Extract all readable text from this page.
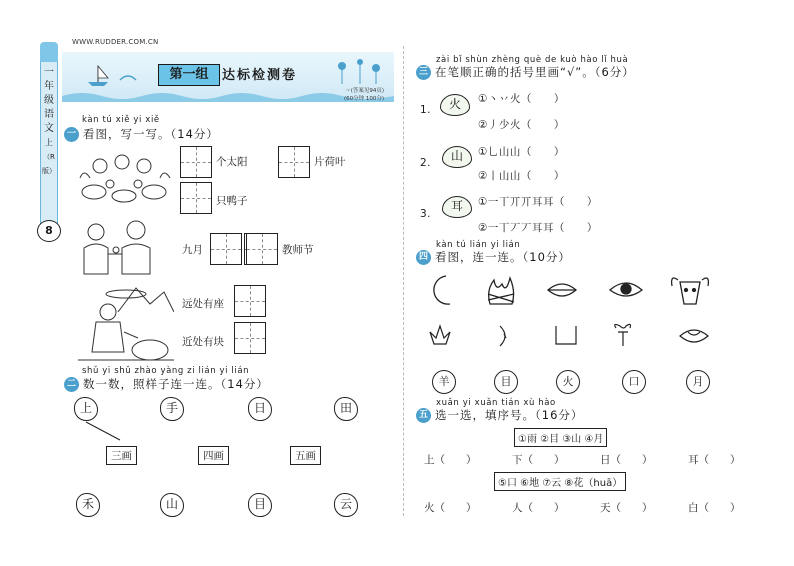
WWW.RUDDER.COM.CN
一
年
级
语
文
上
（R
版）
8
第一组	达标检测卷
☞(答案见94页)
(60分钟 100分)
kàn tú xiě yi xiě
一 看图，写一写。（14分）
个太阳	片荷叶
只鸭子
九月	教师节
远处有座
近处有块
shǔ yi shǔ zhào yàng zi lián yi lián
二 数一数，照样子连一连。（14分）
上	手	日	田
三画	四画	五画
禾	山	目	云
zài bǐ shùn zhèng què de kuò hào lǐ huà
三 在笔顺正确的括号里画“√”。（6分）
1.	火	①丶丷火（　　）
②丿少火（　　）
2.	山	①乚山山（　　）
②丨山山（　　）
3.
耳	①一丅丌丌耳耳（　　）
②一丅丆丆耳耳（　　）
kàn tú lián yi lián
四 看图，连一连。（10分）
羊	目	火	口	月
xuǎn yi xuǎn tián xù hào
五 选一选，填序号。（16分）
①雨 ②目 ③山 ④月
上（　　）	下（　　）	日（　　）	耳（　　）
⑤口 ⑥地 ⑦云 ⑧花（huā）
火（　　）	人（　　）	天（　　）	白（　　）
